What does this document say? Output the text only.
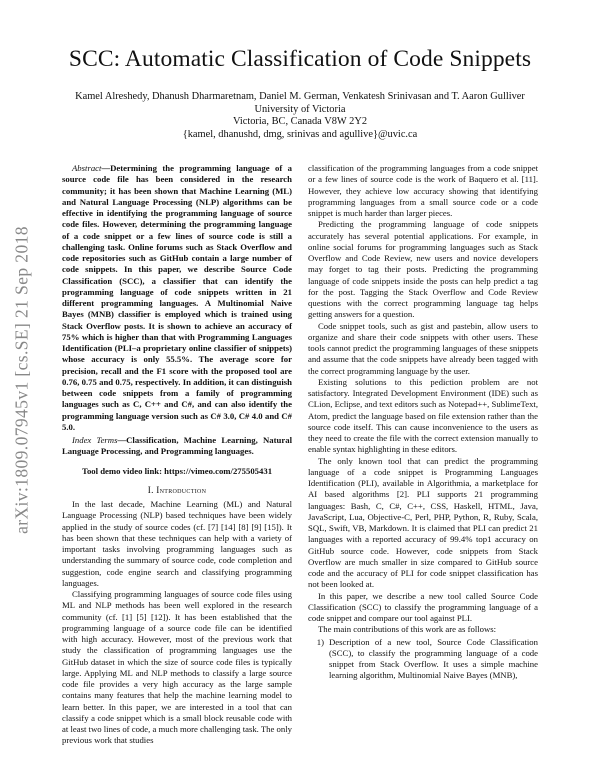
arXiv:1809.07945v1 [cs.SE] 21 Sep 2018
SCC: Automatic Classification of Code Snippets
Kamel Alreshedy, Dhanush Dharmaretnam, Daniel M. German, Venkatesh Srinivasan and T. Aaron Gulliver
University of Victoria
Victoria, BC, Canada V8W 2Y2
{kamel, dhanushd, dmg, srinivas and agullive}@uvic.ca

Abstract—Determining the programming language of a source code file has been considered in the research community; it has been shown that Machine Learning (ML) and Natural Language Processing (NLP) algorithms can be effective in identifying the programming language of source code files. However, determining the programming language of a code snippet or a few lines of source code is still a challenging task. Online forums such as Stack Overflow and code repositories such as GitHub contain a large number of code snippets. In this paper, we describe Source Code Classification (SCC), a classifier that can identify the programming language of code snippets written in 21 different programming languages. A Multinomial Naive Bayes (MNB) classifier is employed which is trained using Stack Overflow posts. It is shown to achieve an accuracy of 75% which is higher than that with Programming Languages Identification (PLI–a proprietary online classifier of snippets) whose accuracy is only 55.5%. The average score for precision, recall and the F1 score with the proposed tool are 0.76, 0.75 and 0.75, respectively. In addition, it can distinguish between code snippets from a family of programming languages such as C, C++ and C#, and can also identify the programming language version such as C# 3.0, C# 4.0 and C# 5.0.

Index Terms—Classification, Machine Learning, Natural Language Processing, and Programming languages.

Tool demo video link: https://vimeo.com/275505431

I. Introduction

In the last decade, Machine Learning (ML) and Natural Language Processing (NLP) based techniques have been widely applied in the study of source codes (cf. [7] [14] [8] [9] [15]). It has been shown that these techniques can help with a variety of important tasks involving programming languages such as understanding the summary of source code, code completion and suggestion, code engine search and classifying programming languages.

Classifying programming languages of source code files using ML and NLP methods has been well explored in the research community (cf. [1] [5] [12]). It has been established that the programming language of a source code file can be identified with high accuracy. However, most of the previous work that study the classification of programming languages use the GitHub dataset in which the size of source code files is typically large. Applying ML and NLP methods to classify a large source code file provides a very high accuracy as the large sample contains many features that help the machine learning model to learn better. In this paper, we are interested in a tool that can classify a code snippet which is a small block reusable code with at least two lines of code, a much more challenging task. The only previous work that studies

classification of the programming languages from a code snippet or a few lines of source code is the work of Baquero et al. [11]. However, they achieve low accuracy showing that identifying programming languages from a small source code or a code snippet is much harder than larger pieces.

Predicting the programming language of code snippets accurately has several potential applications. For example, in online social forums for programming languages such as Stack Overflow and Code Review, new users and novice developers may forget to tag their posts. Predicting the programming language of code snippets inside the posts can help predict a tag for the post. Tagging the Stack Overflow and Code Review questions with the correct programming language tag helps getting answers for a question.

Code snippet tools, such as gist and pastebin, allow users to organize and share their code snippets with other users. These tools cannot predict the programming languages of these snippets and assume that the code snippets have already been tagged with the correct programming language by the user.

Existing solutions to this pediction problem are not satisfactory. Integrated Development Environment (IDE) such as CLion, Eclipse, and text editors such as Notepad++, SublimeText, Atom, predict the language based on file extension rather than the source code itself. This can cause inconvenience to the users as they need to create the file with the correct extension manually to enable syntax highlighting in these editors.

The only known tool that can predict the programming language of a code snippet is Programming Languages Identification (PLI), available in Algorithmia, a marketplace for AI based algorithms [2]. PLI supports 21 programming languages: Bash, C, C#, C++, CSS, Haskell, HTML, Java, JavaScript, Lua, Objective-C, Perl, PHP, Python, R, Ruby, Scala, SQL, Swift, VB, Markdown. It is claimed that PLI can predict 21 languages with a reported accuracy of 99.4% top1 accuracy on GitHub source code. However, code snippets from Stack Overflow are much smaller in size compared to GitHub source code and the accuracy of PLI for code snippet classification has not been looked at.

In this paper, we describe a new tool called Source Code Classification (SCC) to classify the programming language of a code snippet and compare our tool against PLI.

The main contributions of this work are as follows:

1) Description of a new tool, Source Code Classification (SCC), to classify the programming language of a code snippet from Stack Overflow. It uses a simple machine learning algorithm, Multinomial Naive Bayes (MNB),
